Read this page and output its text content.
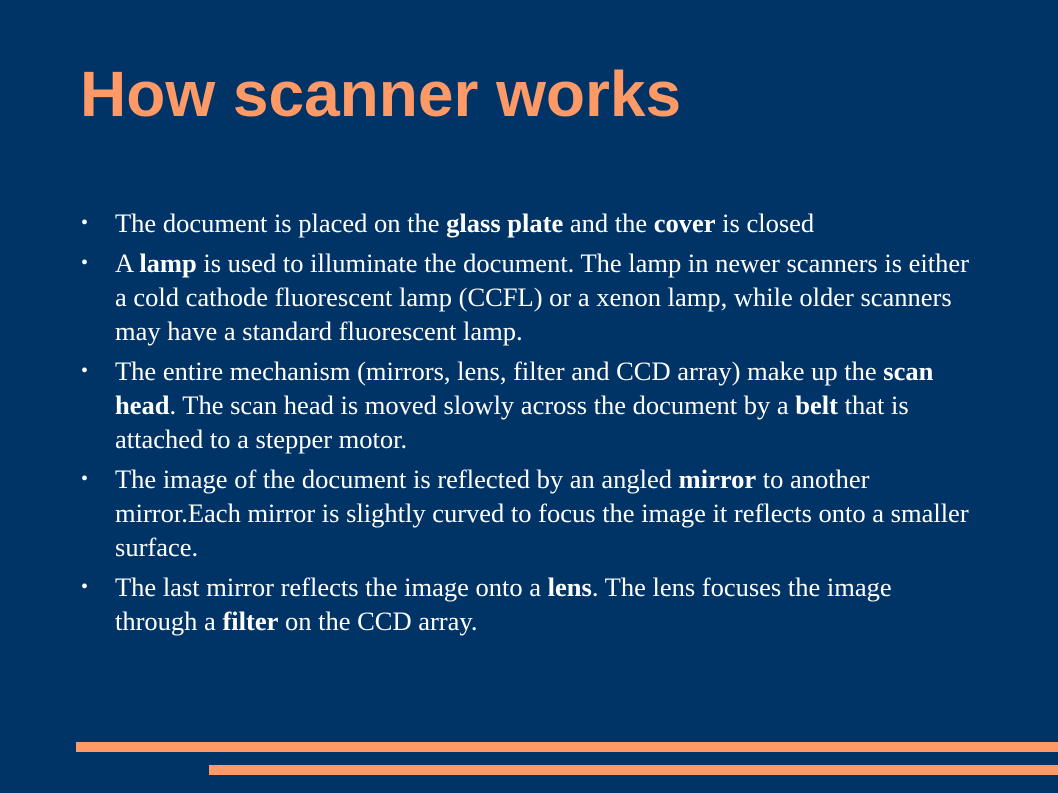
How scanner works
• The document is placed on the glass plate and the cover is closed
• A lamp is used to illuminate the document. The lamp in newer scanners is either a cold cathode fluorescent lamp (CCFL) or a xenon lamp, while older scanners may have a standard fluorescent lamp.
• The entire mechanism (mirrors, lens, filter and CCD array) make up the scan head. The scan head is moved slowly across the document by a belt that is attached to a stepper motor.
• The image of the document is reflected by an angled mirror to another mirror.Each mirror is slightly curved to focus the image it reflects onto a smaller surface.
• The last mirror reflects the image onto a lens. The lens focuses the image through a filter on the CCD array.
